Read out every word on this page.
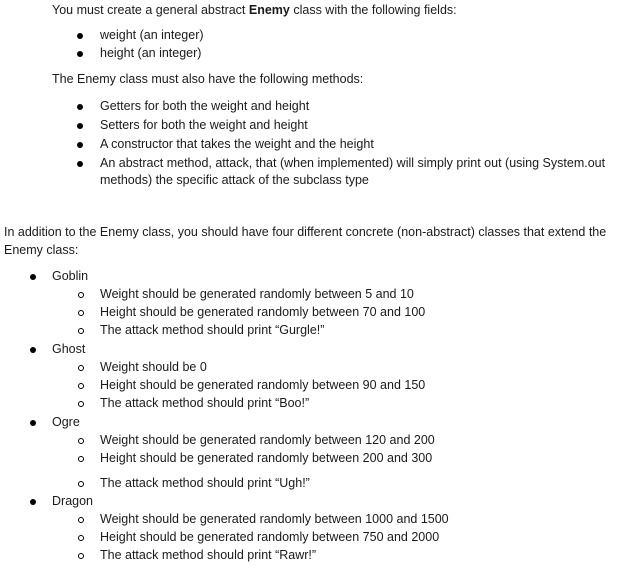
You must create a general abstract Enemy class with the following fields:
weight (an integer)
height (an integer)
The Enemy class must also have the following methods:
Getters for both the weight and height
Setters for both the weight and height
A constructor that takes the weight and the height
An abstract method, attack, that (when implemented) will simply print out (using System.out
methods) the specific attack of the subclass type
In addition to the Enemy class, you should have four different concrete (non-abstract) classes that extend the
Enemy class:
Goblin
Weight should be generated randomly between 5 and 10
Height should be generated randomly between 70 and 100
The attack method should print “Gurgle!”
Ghost
Weight should be 0
Height should be generated randomly between 90 and 150
The attack method should print “Boo!”
Ogre
Weight should be generated randomly between 120 and 200
Height should be generated randomly between 200 and 300
The attack method should print “Ugh!”
Dragon
Weight should be generated randomly between 1000 and 1500
Height should be generated randomly between 750 and 2000
The attack method should print “Rawr!”
